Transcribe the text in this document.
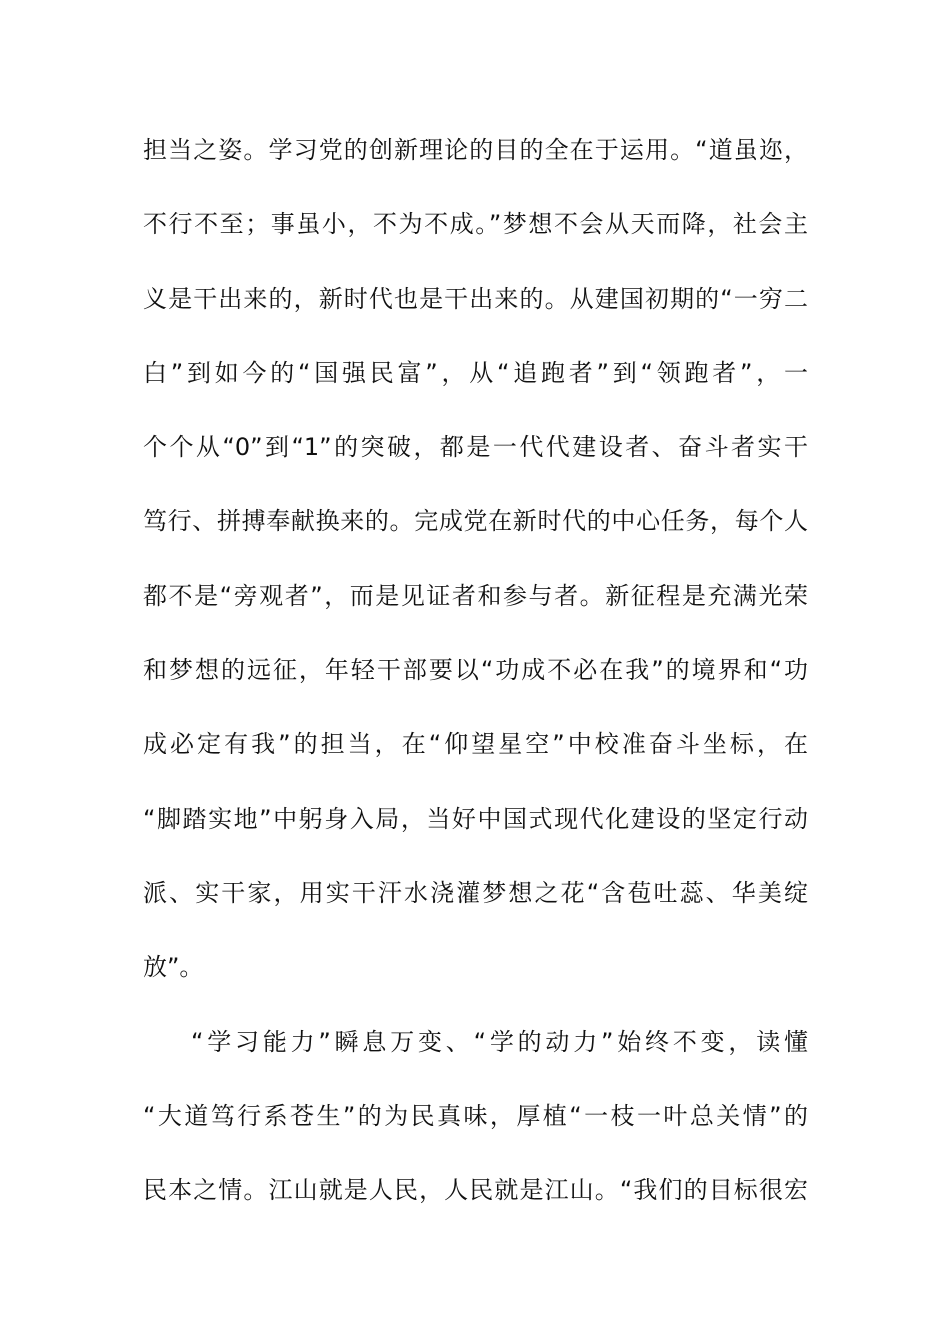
担当之姿。学习党的创新理论的目的全在于运用。“道虽迩，
不行不至；事虽小，不为不成。”梦想不会从天而降，社会主
义是干出来的，新时代也是干出来的。从建国初期的“一穷二
白”到如今的“国强民富”，从“追跑者”到“领跑者”，一
个个从“0”到“1”的突破，都是一代代建设者、奋斗者实干
笃行、拼搏奉献换来的。完成党在新时代的中心任务，每个人
都不是“旁观者”，而是见证者和参与者。新征程是充满光荣
和梦想的远征，年轻干部要以“功成不必在我”的境界和“功
成必定有我”的担当，在“仰望星空”中校准奋斗坐标，在
“脚踏实地”中躬身入局，当好中国式现代化建设的坚定行动
派、实干家，用实干汗水浇灌梦想之花“含苞吐蕊、华美绽
放”。
“学习能力”瞬息万变、“学的动力”始终不变，读懂
“大道笃行系苍生”的为民真味，厚植“一枝一叶总关情”的
民本之情。江山就是人民，人民就是江山。“我们的目标很宏
